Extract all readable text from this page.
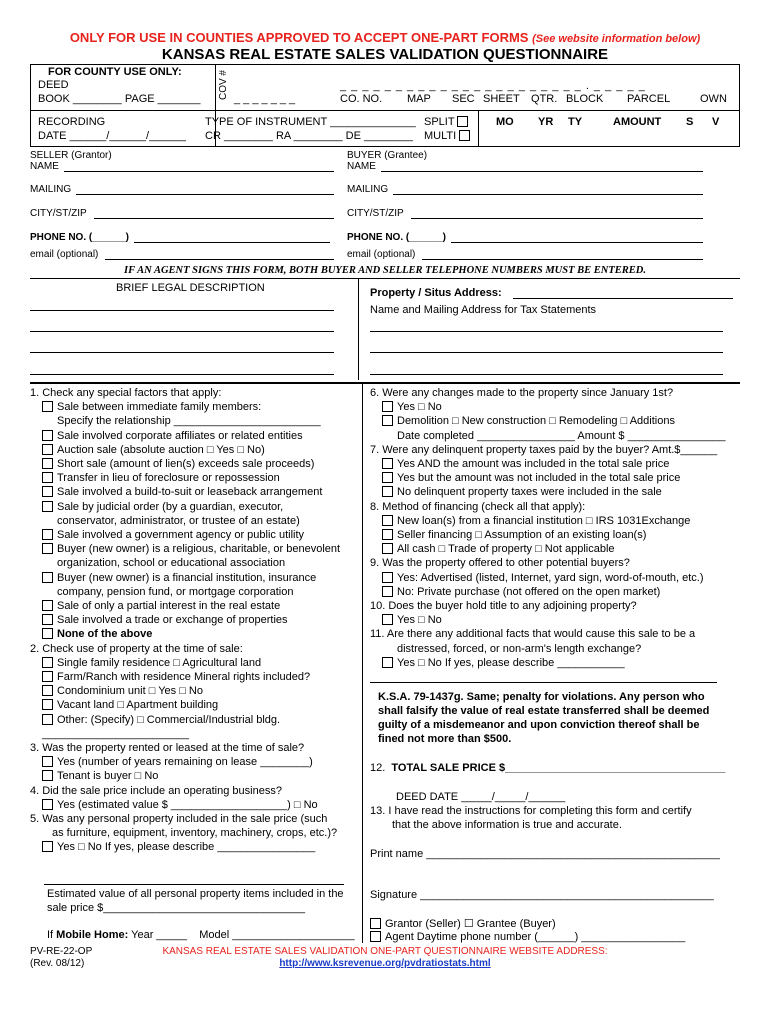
ONLY FOR USE IN COUNTIES APPROVED TO ACCEPT ONE-PART FORMS (See website information below)
KANSAS REAL ESTATE SALES VALIDATION QUESTIONNAIRE
FOR COUNTY USE ONLY:
DEED
BOOK ________ PAGE _______ COV # _ _ _ _ _ _ _
_ _ _ _ _ _ _ _ _ _ _ _ _ _ _ _ _ _ _ _ _ _ . _ _ _ _ _
CO. NO. MAP SEC SHEET QTR. BLOCK PARCEL	OWN
RECORDING
DATE ______/______/______
TYPE OF INSTRUMENT ______________
CR ________ RA ________ DE ________
SPLIT
MULTI
MO YR TY	AMOUNT S V
SELLER (Grantor)
NAME
BUYER (Grantee)
NAME
MAILING	MAILING
CITY/ST/ZIP	CITY/ST/ZIP
PHONE NO. (______)	PHONE NO. (______)
email (optional)	email (optional)
IF AN AGENT SIGNS THIS FORM, BOTH BUYER AND SELLER TELEPHONE NUMBERS MUST BE ENTERED.
BRIEF LEGAL DESCRIPTION	Property / Situs Address:
Name and Mailing Address for Tax Statements
1. Check any special factors that apply:
Sale between immediate family members:
Specify the relationship ________________________
Sale involved corporate affiliates or related entities
Auction sale (absolute auction □ Yes □ No)
Short sale (amount of lien(s) exceeds sale proceeds)
Transfer in lieu of foreclosure or repossession
Sale involved a build-to-suit or leaseback arrangement
Sale by judicial order (by a guardian, executor,
conservator, administrator, or trustee of an estate)
Sale involved a government agency or public utility
Buyer (new owner) is a religious, charitable, or benevolent
organization, school or educational association
Buyer (new owner) is a financial institution, insurance
company, pension fund, or mortgage corporation
Sale of only a partial interest in the real estate
Sale involved a trade or exchange of properties
None of the above
2. Check use of property at the time of sale:
Single family residence □ Agricultural land
Farm/Ranch with residence Mineral rights included?
Condominium unit □ Yes □ No
Vacant land □ Apartment building
Other: (Specify) □ Commercial/Industrial bldg.
________________________
3. Was the property rented or leased at the time of sale?
Yes (number of years remaining on lease ________)
Tenant is buyer □ No
4. Did the sale price include an operating business?
Yes (estimated value $ ___________________) □ No
5. Was any personal property included in the sale price (such
as furniture, equipment, inventory, machinery, crops, etc.)?
Yes □ No If yes, please describe ________________
Estimated value of all personal property items included in the
sale price $_________________________________
If Mobile Home: Year _____    Model ____________________
6. Were any changes made to the property since January 1st?
Yes □ No
Demolition □ New construction □ Remodeling □ Additions
Date completed ________________ Amount $ ________________
7. Were any delinquent property taxes paid by the buyer? Amt.$______
Yes AND the amount was included in the total sale price
Yes but the amount was not included in the total sale price
No delinquent property taxes were included in the sale
8. Method of financing (check all that apply):
New loan(s) from a financial institution □ IRS 1031Exchange
Seller financing □ Assumption of an existing loan(s)
All cash □ Trade of property □ Not applicable
9. Was the property offered to other potential buyers?
Yes: Advertised (listed, Internet, yard sign, word-of-mouth, etc.)
No: Private purchase (not offered on the open market)
10. Does the buyer hold title to any adjoining property?
Yes □ No
11. Are there any additional facts that would cause this sale to be a
distressed, forced, or non-arm's length exchange?
Yes □ No If yes, please describe ___________
K.S.A. 79-1437g. Same; penalty for violations. Any person who
shall falsify the value of real estate transferred shall be deemed
guilty of a misdemeanor and upon conviction thereof shall be
fined not more than $500.
12.  TOTAL SALE PRICE $____________________________________
DEED DATE _____/_____/______
13. I have read the instructions for completing this form and certify
that the above information is true and accurate.
Print name ________________________________________________
Signature ________________________________________________
Grantor (Seller) ☐ Grantee (Buyer)
Agent Daytime phone number (______) _________________
PV-RE-22-OP
(Rev. 08/12)
KANSAS REAL ESTATE SALES VALIDATION ONE-PART QUESTIONNAIRE WEBSITE ADDRESS:
http://www.ksrevenue.org/pvdratiostats.html
